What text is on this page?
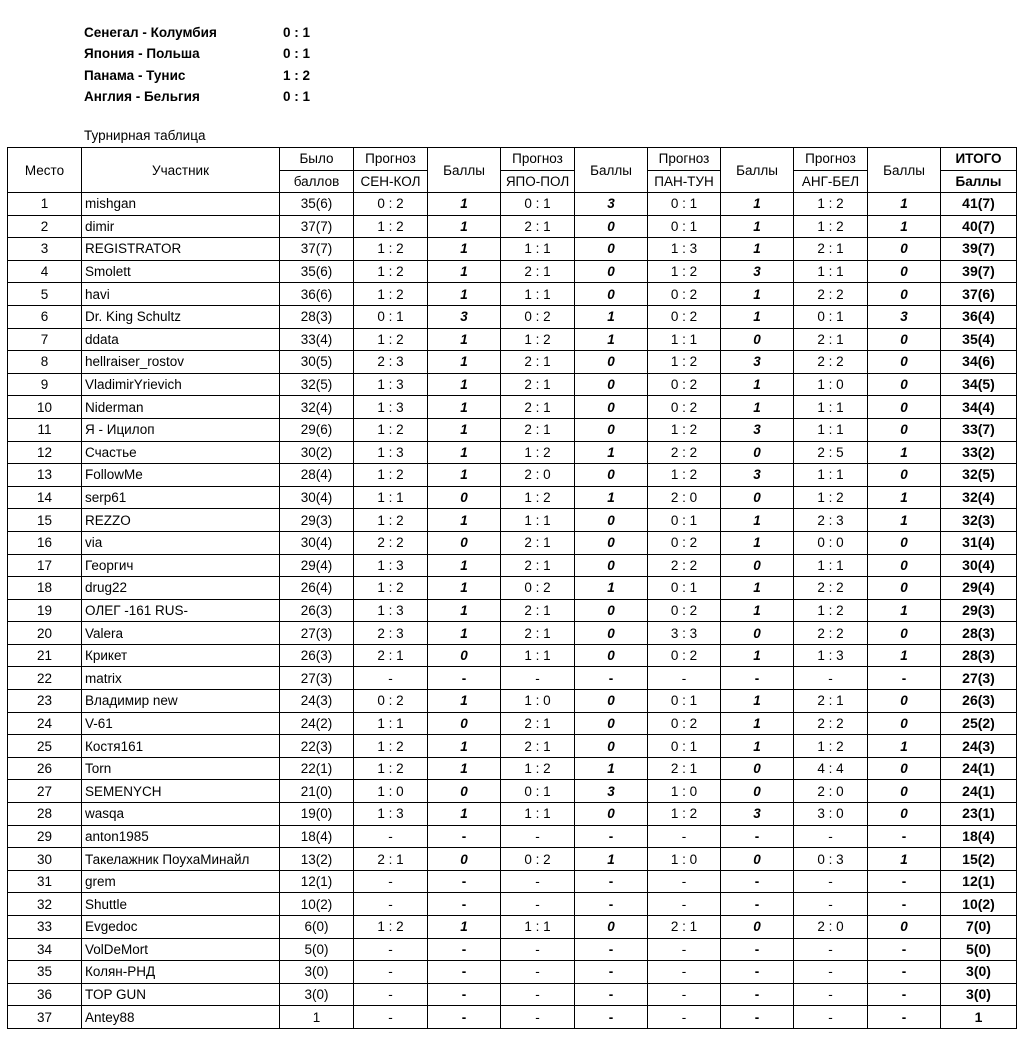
Сенегал - Колумбия	0 : 1
Япония - Польша	0 : 1
Панама - Тунис	1 : 2
Англия - Бельгия	0 : 1
Турнирная таблица
Место	Участник	Было	Прогноз	Баллы	Прогноз	Баллы	Прогноз	Баллы	Прогноз	Баллы	ИТОГО
		баллов	СЕН-КОЛ		ЯПО-ПОЛ		ПАН-ТУН		АНГ-БЕЛ		Баллы
1	mishgan	35(6)	0 : 2	1	0 : 1	3	0 : 1	1	1 : 2	1	41(7)
2	dimir	37(7)	1 : 2	1	2 : 1	0	0 : 1	1	1 : 2	1	40(7)
3	REGISTRATOR	37(7)	1 : 2	1	1 : 1	0	1 : 3	1	2 : 1	0	39(7)
4	Smolett	35(6)	1 : 2	1	2 : 1	0	1 : 2	3	1 : 1	0	39(7)
5	havi	36(6)	1 : 2	1	1 : 1	0	0 : 2	1	2 : 2	0	37(6)
6	Dr. King Schultz	28(3)	0 : 1	3	0 : 2	1	0 : 2	1	0 : 1	3	36(4)
7	ddata	33(4)	1 : 2	1	1 : 2	1	1 : 1	0	2 : 1	0	35(4)
8	hellraiser_rostov	30(5)	2 : 3	1	2 : 1	0	1 : 2	3	2 : 2	0	34(6)
9	VladimirYrievich	32(5)	1 : 3	1	2 : 1	0	0 : 2	1	1 : 0	0	34(5)
10	Niderman	32(4)	1 : 3	1	2 : 1	0	0 : 2	1	1 : 1	0	34(4)
11	Я - Ицилоп	29(6)	1 : 2	1	2 : 1	0	1 : 2	3	1 : 1	0	33(7)
12	Счастье	30(2)	1 : 3	1	1 : 2	1	2 : 2	0	2 : 5	1	33(2)
13	FollowMe	28(4)	1 : 2	1	2 : 0	0	1 : 2	3	1 : 1	0	32(5)
14	serp61	30(4)	1 : 1	0	1 : 2	1	2 : 0	0	1 : 2	1	32(4)
15	REZZO	29(3)	1 : 2	1	1 : 1	0	0 : 1	1	2 : 3	1	32(3)
16	via	30(4)	2 : 2	0	2 : 1	0	0 : 2	1	0 : 0	0	31(4)
17	Георгич	29(4)	1 : 3	1	2 : 1	0	2 : 2	0	1 : 1	0	30(4)
18	drug22	26(4)	1 : 2	1	0 : 2	1	0 : 1	1	2 : 2	0	29(4)
19	ОЛЕГ -161 RUS-	26(3)	1 : 3	1	2 : 1	0	0 : 2	1	1 : 2	1	29(3)
20	Valera	27(3)	2 : 3	1	2 : 1	0	3 : 3	0	2 : 2	0	28(3)
21	Крикет	26(3)	2 : 1	0	1 : 1	0	0 : 2	1	1 : 3	1	28(3)
22	matrix	27(3)	-	-	-	-	-	-	-	-	27(3)
23	Владимир new	24(3)	0 : 2	1	1 : 0	0	0 : 1	1	2 : 1	0	26(3)
24	V-61	24(2)	1 : 1	0	2 : 1	0	0 : 2	1	2 : 2	0	25(2)
25	Костя161	22(3)	1 : 2	1	2 : 1	0	0 : 1	1	1 : 2	1	24(3)
26	Torn	22(1)	1 : 2	1	1 : 2	1	2 : 1	0	4 : 4	0	24(1)
27	SEMENYCH	21(0)	1 : 0	0	0 : 1	3	1 : 0	0	2 : 0	0	24(1)
28	wasqa	19(0)	1 : 3	1	1 : 1	0	1 : 2	3	3 : 0	0	23(1)
29	anton1985	18(4)	-	-	-	-	-	-	-	-	18(4)
30	Такелажник ПоухаМинайл	13(2)	2 : 1	0	0 : 2	1	1 : 0	0	0 : 3	1	15(2)
31	grem	12(1)	-	-	-	-	-	-	-	-	12(1)
32	Shuttle	10(2)	-	-	-	-	-	-	-	-	10(2)
33	Evgedoc	6(0)	1 : 2	1	1 : 1	0	2 : 1	0	2 : 0	0	7(0)
34	VolDeMort	5(0)	-	-	-	-	-	-	-	-	5(0)
35	Колян-РНД	3(0)	-	-	-	-	-	-	-	-	3(0)
36	TOP GUN	3(0)	-	-	-	-	-	-	-	-	3(0)
37	Antey88	1	-	-	-	-	-	-	-	-	1
